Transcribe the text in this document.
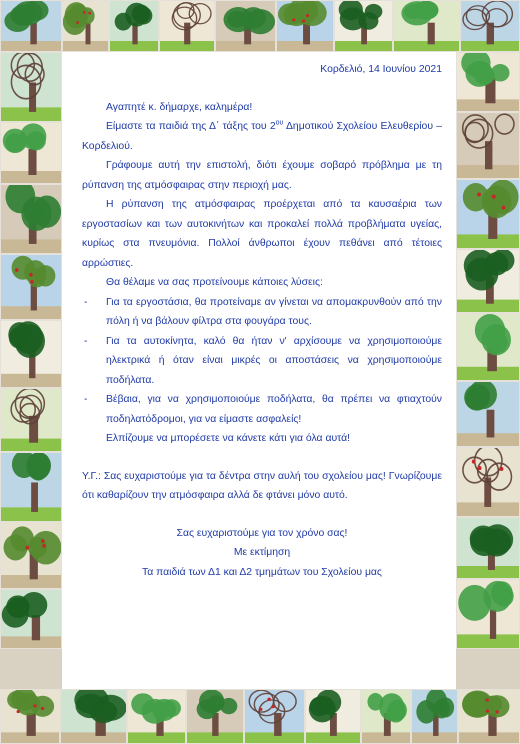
Κορδελιό, 14 Ιουνίου 2021

Αγαπητέ κ. δήμαρχε, καλημέρα!

Είμαστε τα παιδιά της Δ΄ τάξης του $2^{o\upsilon}$ Δημοτικού Σχολείου Ελευθερίου – Κορδελιού.

Γράφουμε αυτή την επιστολή, διότι έχουμε σοβαρό πρόβλημα με τη ρύπανση της ατμόσφαιρας στην περιοχή μας.

Η ρύπανση της ατμόσφαιρας προέρχεται από τα καυσαέρια των εργοστασίων και των αυτοκινήτων και προκαλεί πολλά προβλήματα υγείας, κυρίως στα πνευμόνια. Πολλοί άνθρωποι έχουν πεθάνει από τέτοιες αρρώστιες.

Θα θέλαμε να σας προτείνουμε κάποιες λύσεις:

- Για τα εργοστάσια, θα προτείναμε αν γίνεται να απομακρυνθούν από την πόλη ή να βάλουν φίλτρα στα φουγάρα τους.
- Για τα αυτοκίνητα, καλό θα ήταν ν' αρχίσουμε να χρησιμοποιούμε ηλεκτρικά ή όταν είναι μικρές οι αποστάσεις να χρησιμοποιούμε ποδήλατα.
- Βέβαια, για να χρησιμοποιούμε ποδήλατα, θα πρέπει να φτιαχτούν ποδηλατόδρομοι, για να είμαστε ασφαλείς!

Ελπίζουμε να μπορέσετε να κάνετε κάτι για όλα αυτά!

Υ.Γ.: Σας ευχαριστούμε για τα δέντρα στην αυλή του σχολείου μας! Γνωρίζουμε ότι καθαρίζουν την ατμόσφαιρα αλλά δε φτάνει μόνο αυτό.

Σας ευχαριστούμε για τον χρόνο σας!

Με εκτίμηση

Τα παιδιά των Δ1 και Δ2 τμημάτων του Σχολείου μας
